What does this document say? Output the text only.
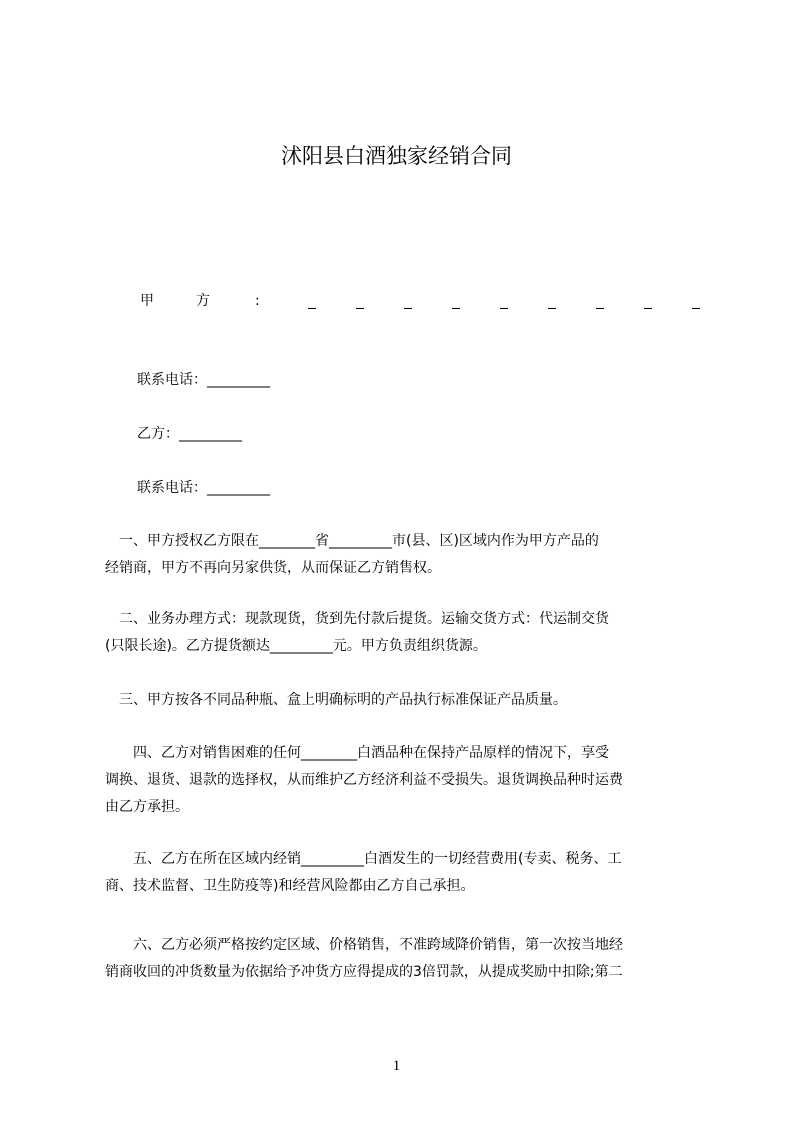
沭阳县白酒独家经销合同
甲	方	:
联系电话：_________
乙方：_________
联系电话：_________
　一、甲方授权乙方限在________省_________市(县、区)区域内作为甲方产品的
经销商，甲方不再向另家供货，从而保证乙方销售权。
　二、业务办理方式：现款现货，货到先付款后提货。运输交货方式：代运制交货
(只限长途)。乙方提货额达_________元。甲方负责组织货源。
　三、甲方按各不同品种瓶、盒上明确标明的产品执行标准保证产品质量。
　　四、乙方对销售困难的任何________白酒品种在保持产品原样的情况下，享受
调换、退货、退款的选择权，从而维护乙方经济利益不受损失。退货调换品种时运费
由乙方承担。
　　五、乙方在所在区域内经销_________白酒发生的一切经营费用(专卖、税务、工
商、技术监督、卫生防疫等)和经营风险都由乙方自己承担。
　　六、乙方必须严格按约定区域、价格销售，不准跨域降价销售，第一次按当地经
销商收回的冲货数量为依据给予冲货方应得提成的3倍罚款，从提成奖励中扣除;第二
1
